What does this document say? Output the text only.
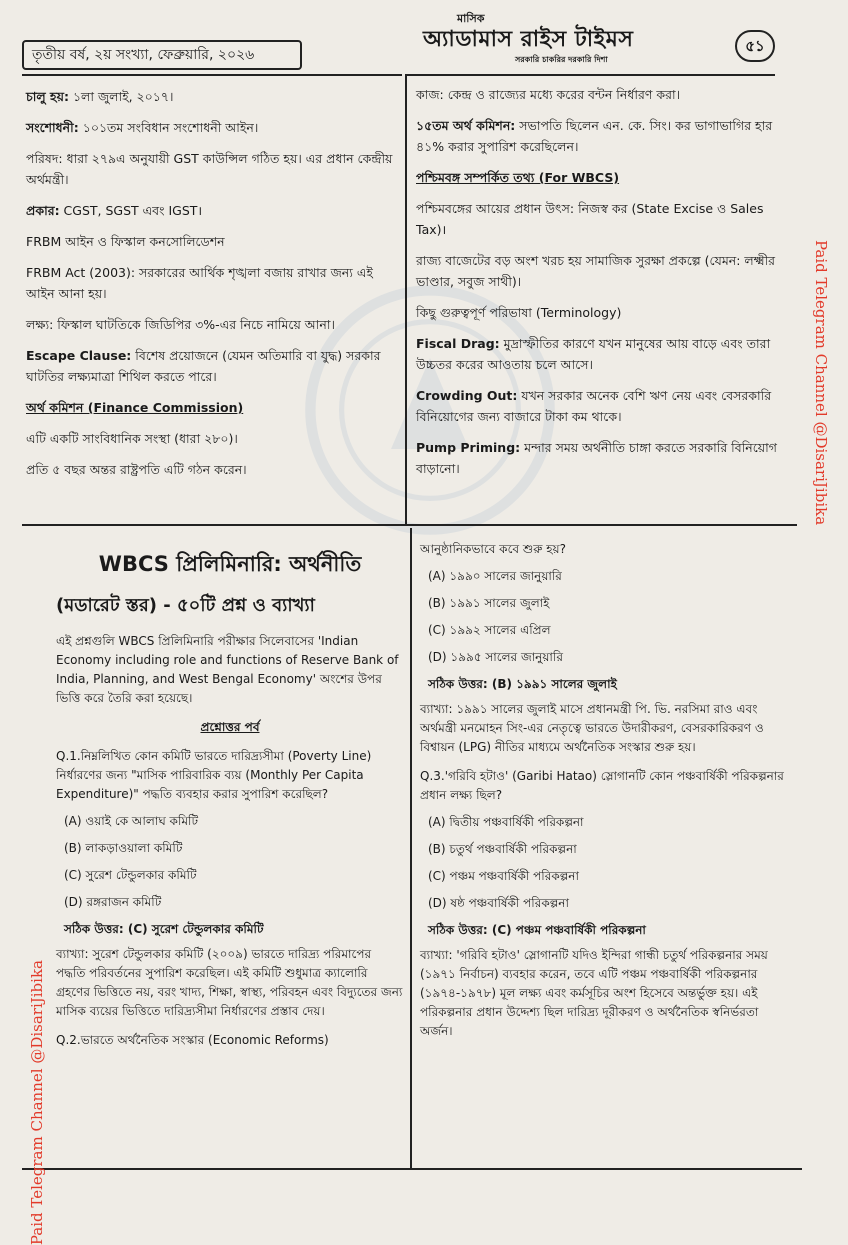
তৃতীয় বর্ষ, ২য় সংখ্যা, ফেব্রুয়ারি, ২০২৬
মাসিক
অ্যাডামাস রাইস টাইমস
সরকারি চাকরির দরকারি দিশা
৫১

চালু হয়: ১লা জুলাই, ২০১৭।

সংশোধনী: ১০১তম সংবিধান সংশোধনী আইন।

পরিষদ: ধারা ২৭৯এ অনুযায়ী GST কাউন্সিল গঠিত হয়। এর প্রধান কেন্দ্রীয় অর্থমন্ত্রী।

প্রকার: CGST, SGST এবং IGST।

FRBM আইন ও ফিস্কাল কনসোলিডেশন

FRBM Act (2003): সরকারের আর্থিক শৃঙ্খলা বজায় রাখার জন্য এই আইন আনা হয়।

লক্ষ্য: ফিস্কাল ঘাটতিকে জিডিপির ৩%-এর নিচে নামিয়ে আনা।

Escape Clause: বিশেষ প্রয়োজনে (যেমন অতিমারি বা যুদ্ধ) সরকার ঘাটতির লক্ষ্যমাত্রা শিথিল করতে পারে।

অর্থ কমিশন (Finance Commission)

এটি একটি সাংবিধানিক সংস্থা (ধারা ২৮০)।

প্রতি ৫ বছর অন্তর রাষ্ট্রপতি এটি গঠন করেন।

কাজ: কেন্দ্র ও রাজ্যের মধ্যে করের বন্টন নির্ধারণ করা।

১৫তম অর্থ কমিশন: সভাপতি ছিলেন এন. কে. সিং। কর ভাগাভাগির হার ৪১% করার সুপারিশ করেছিলেন।

পশ্চিমবঙ্গ সম্পর্কিত তথ্য (For WBCS)

পশ্চিমবঙ্গের আয়ের প্রধান উৎস: নিজস্ব কর (State Excise ও Sales Tax)।

রাজ্য বাজেটের বড় অংশ খরচ হয় সামাজিক সুরক্ষা প্রকল্পে (যেমন: লক্ষ্মীর ভাণ্ডার, সবুজ সাথী)।

কিছু গুরুত্বপূর্ণ পরিভাষা (Terminology)

Fiscal Drag: মুদ্রাস্ফীতির কারণে যখন মানুষের আয় বাড়ে এবং তারা উচ্চতর করের আওতায় চলে আসে।

Crowding Out: যখন সরকার অনেক বেশি ঋণ নেয় এবং বেসরকারি বিনিয়োগের জন্য বাজারে টাকা কম থাকে।

Pump Priming: মন্দার সময় অর্থনীতি চাঙ্গা করতে সরকারি বিনিয়োগ বাড়ানো।

WBCS প্রিলিমিনারি: অর্থনীতি

(মডারেট স্তর) - ৫০টি প্রশ্ন ও ব্যাখ্যা

এই প্রশ্নগুলি WBCS প্রিলিমিনারি পরীক্ষার সিলেবাসের 'Indian Economy including role and functions of Reserve Bank of India, Planning, and West Bengal Economy' অংশের উপর ভিত্তি করে তৈরি করা হয়েছে।

প্রশ্নোত্তর পর্ব

Q.1.নিম্নলিখিত কোন কমিটি ভারতে দারিদ্র্যসীমা (Poverty Line) নির্ধারণের জন্য "মাসিক পারিবারিক ব্যয় (Monthly Per Capita Expenditure)" পদ্ধতি ব্যবহার করার সুপারিশ করেছিল?

(A) ওয়াই কে আলাঘ কমিটি

(B) লাকড়াওয়ালা কমিটি

(C) সুরেশ টেন্ডুলকার কমিটি

(D) রঙ্গরাজন কমিটি

সঠিক উত্তর: (C) সুরেশ টেন্ডুলকার কমিটি

ব্যাখ্যা: সুরেশ টেন্ডুলকার কমিটি (২০০৯) ভারতে দারিদ্র্য পরিমাপের পদ্ধতি পরিবর্তনের সুপারিশ করেছিল। এই কমিটি শুধুমাত্র ক্যালোরি গ্রহণের ভিত্তিতে নয়, বরং খাদ্য, শিক্ষা, স্বাস্থ্য, পরিবহন এবং বিদ্যুতের জন্য মাসিক ব্যয়ের ভিত্তিতে দারিদ্র্যসীমা নির্ধারণের প্রস্তাব দেয়।

Q.2.ভারতে অর্থনৈতিক সংস্কার (Economic Reforms)

আনুষ্ঠানিকভাবে কবে শুরু হয়?

(A) ১৯৯০ সালের জানুয়ারি

(B) ১৯৯১ সালের জুলাই

(C) ১৯৯২ সালের এপ্রিল

(D) ১৯৯৫ সালের জানুয়ারি

সঠিক উত্তর: (B) ১৯৯১ সালের জুলাই

ব্যাখ্যা: ১৯৯১ সালের জুলাই মাসে প্রধানমন্ত্রী পি. ভি. নরসিমা রাও এবং অর্থমন্ত্রী মনমোহন সিং-এর নেতৃত্বে ভারতে উদারীকরণ, বেসরকারিকরণ ও বিশ্বায়ন (LPG) নীতির মাধ্যমে অর্থনৈতিক সংস্কার শুরু হয়।

Q.3.'গরিবি হটাও' (Garibi Hatao) স্লোগানটি কোন পঞ্চবার্ষিকী পরিকল্পনার প্রধান লক্ষ্য ছিল?

(A) দ্বিতীয় পঞ্চবার্ষিকী পরিকল্পনা

(B) চতুর্থ পঞ্চবার্ষিকী পরিকল্পনা

(C) পঞ্চম পঞ্চবার্ষিকী পরিকল্পনা

(D) ষষ্ঠ পঞ্চবার্ষিকী পরিকল্পনা

সঠিক উত্তর: (C) পঞ্চম পঞ্চবার্ষিকী পরিকল্পনা

ব্যাখ্যা: 'গরিবি হটাও' স্লোগানটি যদিও ইন্দিরা গান্ধী চতুর্থ পরিকল্পনার সময় (১৯৭১ নির্বাচন) ব্যবহার করেন, তবে এটি পঞ্চম পঞ্চবার্ষিকী পরিকল্পনার (১৯৭৪-১৯৭৮) মূল লক্ষ্য এবং কর্মসূচির অংশ হিসেবে অন্তর্ভুক্ত হয়। এই পরিকল্পনার প্রধান উদ্দেশ্য ছিল দারিদ্র্য দূরীকরণ ও অর্থনৈতিক স্বনির্ভরতা অর্জন।

Paid Telegram Channel @DisariJibika
Paid Telegram Channel @DisariJibika
